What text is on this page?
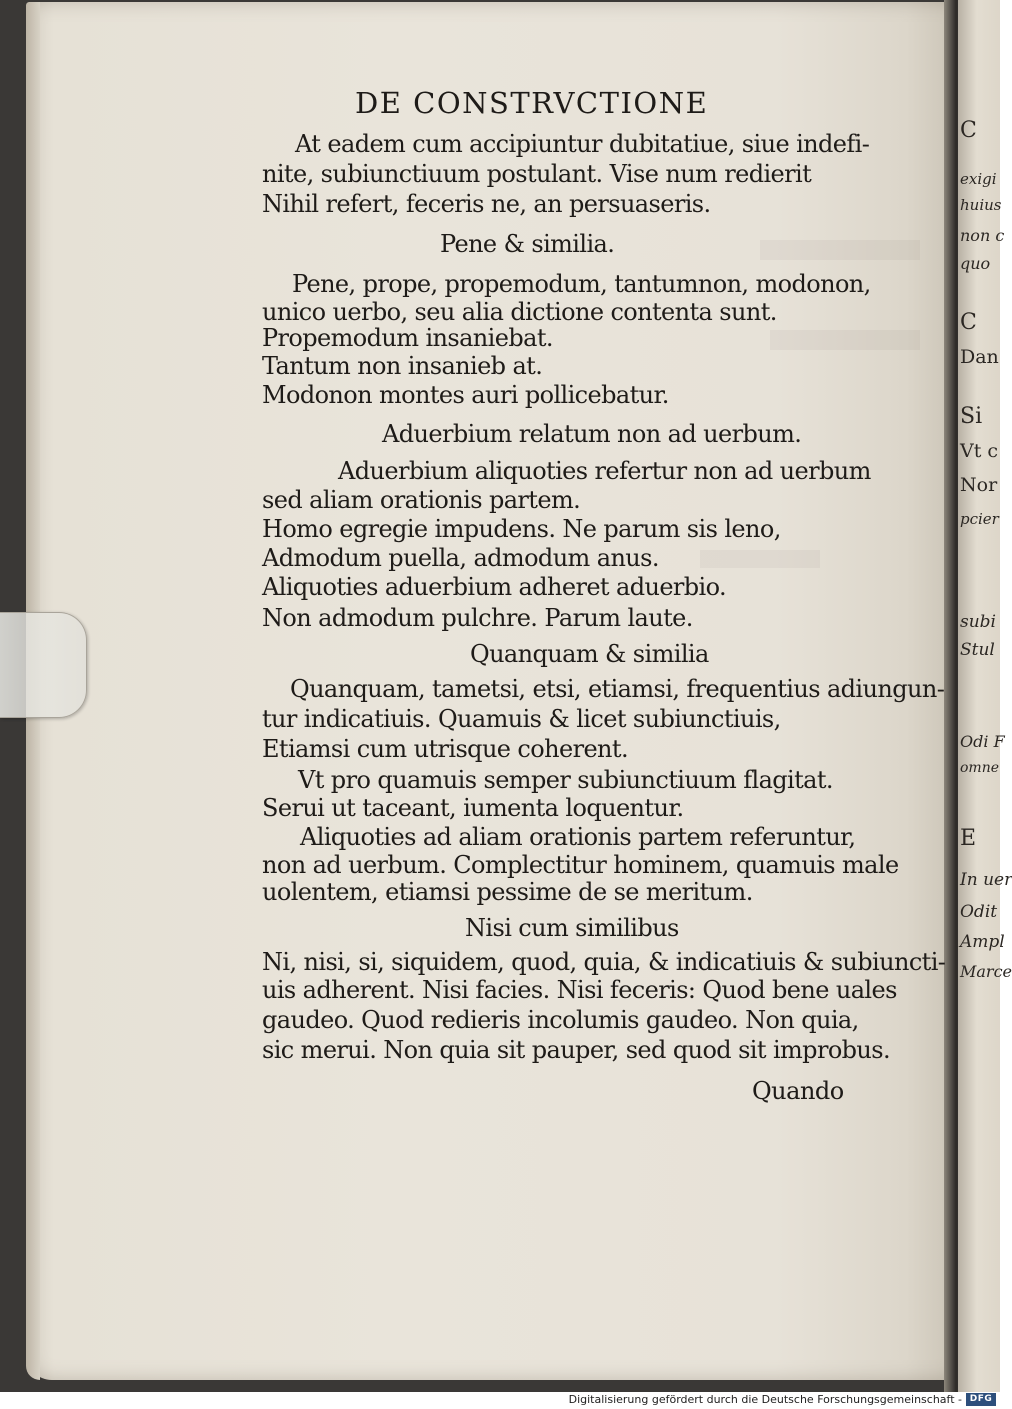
C
exigi
huius
non c
quo
C
Dan
Si
Vt c
Nor
pcier
subi
Stul
Odi F
omne
E
In uer
Odit
Ampl
Marce
DE CONSTRVCTIONE
At eadem cum accipiuntur dubitatiue, siue indefi-
nite, subiunctiuum postulant. Vise num redierit
Nihil refert, feceris ne, an persuaseris.
Pene & similia.
Pene, prope, propemodum, tantumnon, modonon,
unico uerbo, seu alia dictione contenta sunt.
Propemodum insaniebat.
Tantum non insanieb at.
Modonon montes auri pollicebatur.
Aduerbium relatum non ad uerbum.
Aduerbium aliquoties refertur non ad uerbum
sed aliam orationis partem.
Homo egregie impudens. Ne parum sis leno,
Admodum puella, admodum anus.
Aliquoties aduerbium adheret aduerbio.
Non admodum pulchre. Parum laute.
Quanquam & similia
Quanquam, tametsi, etsi, etiamsi, frequentius adiungun-
tur indicatiuis. Quamuis & licet subiunctiuis,
Etiamsi cum utrisque coherent.
Vt pro quamuis semper subiunctiuum flagitat.
Serui ut taceant, iumenta loquentur.
Aliquoties ad aliam orationis partem referuntur,
non ad uerbum. Complectitur hominem, quamuis male
uolentem, etiamsi pessime de se meritum.
Nisi cum similibus
Ni, nisi, si, siquidem, quod, quia, & indicatiuis & subiuncti-
uis adherent. Nisi facies. Nisi feceris: Quod bene uales
gaudeo. Quod redieris incolumis gaudeo. Non quia,
sic merui. Non quia sit pauper, sed quod sit improbus.
Quando
Digitalisierung gefördert durch die Deutsche Forschungsgemeinschaft - DFG
